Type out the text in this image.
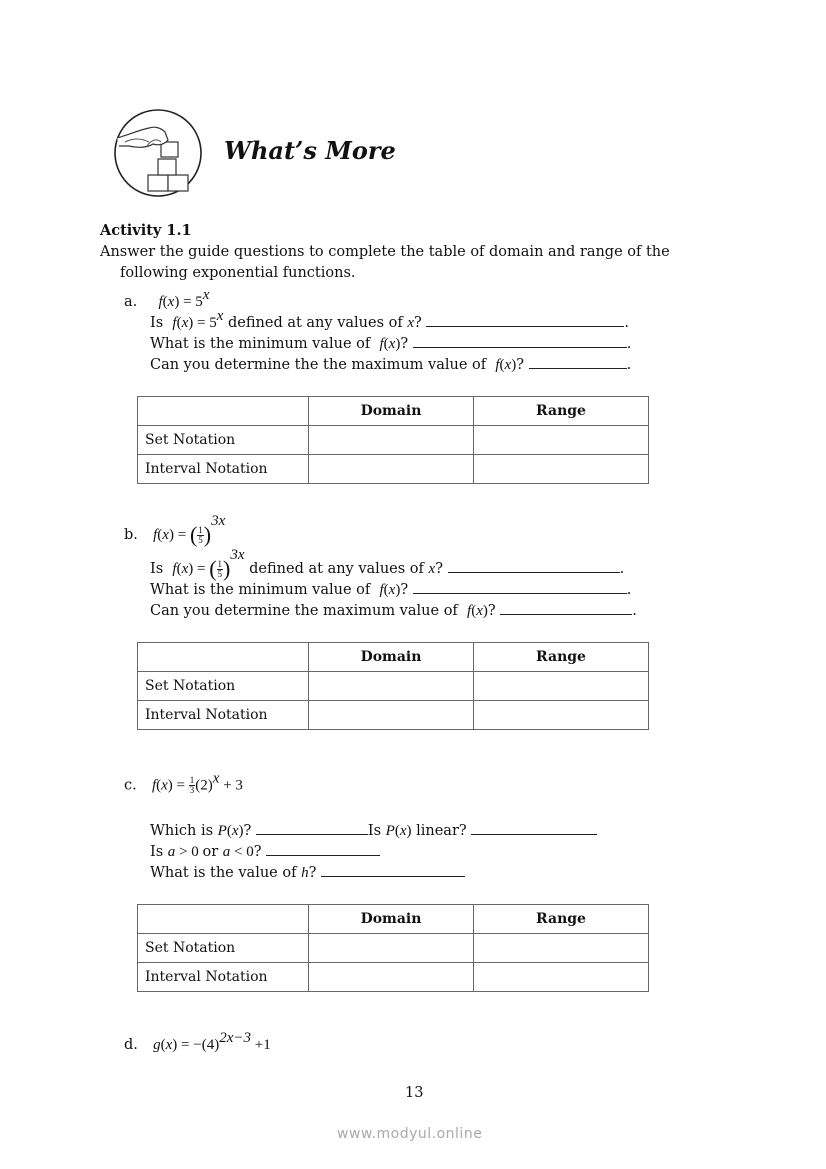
What’s More
Activity 1.1
Answer the guide questions to complete the table of domain and range of the
following exponential functions.
a. $f(x) = 5^x$
Is $f(x) = 5^x$ defined at any values of x?	.
What is the minimum value of f(x)?	.
Can you determine the the maximum value of f(x)?	.
	Domain	Range
Set Notation		
Interval Notation		
b. f(x) = ( $\frac{1}{5} )^{3x}$
Is f(x) = ( $\frac{1}{5} )^{3x}$ defined at any values of x?	.
What is the minimum value of f(x)?	.
Can you determine the maximum value of f(x)?	.
	Domain	Range
Set Notation		
Interval Notation		
c. $f(x) = \frac{1}{3} (2)^x + 3$
Which is P(x)?	Is P(x) linear?
Is a > 0 or a < 0?
What is the value of h?
	Domain	Range
Set Notation		
Interval Notation		
d. $g(x) = -(4)^{2x-3} +1$
13
www.modyul.online
